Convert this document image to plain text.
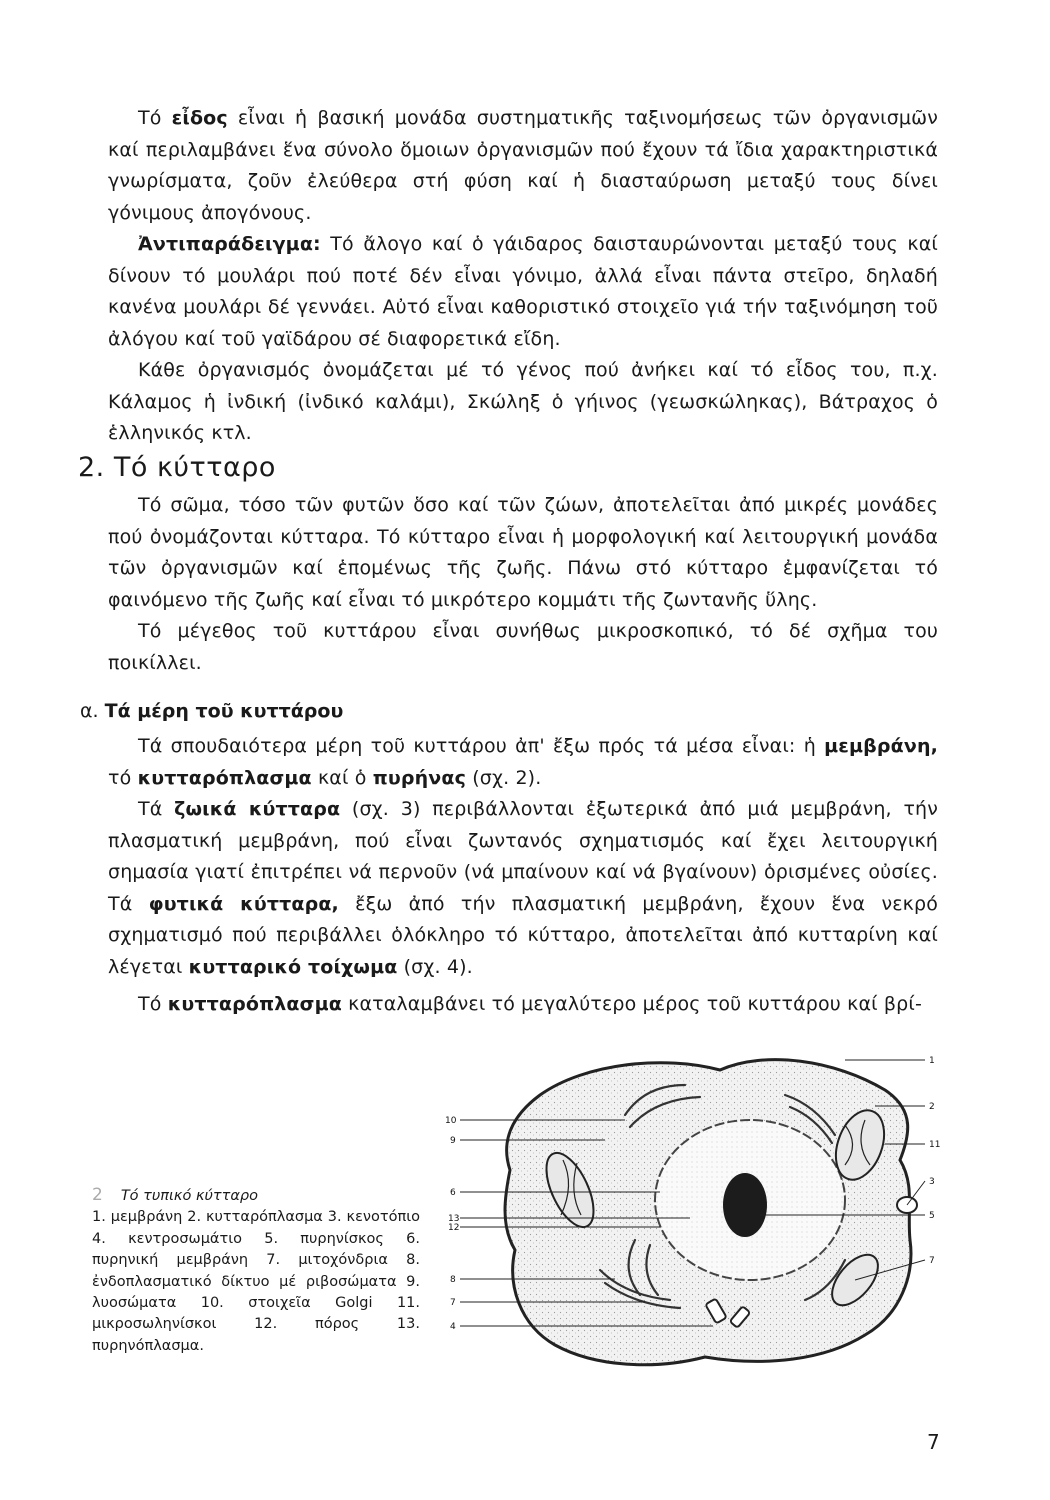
Τό εἶδος εἶναι ἡ βασική μονάδα συστηματικῆς ταξινομήσεως τῶν ὀργανισμῶν καί περιλαμβάνει ἕνα σύνολο ὅμοιων ὀργανισμῶν πού ἔχουν τά ἴδια χαρακτηριστικά γνωρίσματα, ζοῦν ἐλεύθερα στή φύση καί ἡ διασταύρωση μεταξύ τους δίνει γόνιμους ἀπογόνους.

Ἀντιπαράδειγμα: Τό ἄλογο καί ὁ γάιδαρος δαισταυρώνονται μεταξύ τους καί δίνουν τό μουλάρι πού ποτέ δέν εἶναι γόνιμο, ἀλλά εἶναι πάντα στεῖρο, δηλαδή κανένα μουλάρι δέ γεννάει. Αὐτό εἶναι καθοριστικό στοιχεῖο γιά τήν ταξινόμηση τοῦ ἀλόγου καί τοῦ γαϊδάρου σέ διαφορετικά εἴδη.

Κάθε ὀργανισμός ὀνομάζεται μέ τό γένος πού ἀνήκει καί τό εἶδος του, π.χ. Κάλαμος ἡ ἰνδική (ἰνδικό καλάμι), Σκώληξ ὁ γήινος (γεωσκώληκας), Βάτραχος ὁ ἑλληνικός κτλ.

2. Τό κύτταρο

Τό σῶμα, τόσο τῶν φυτῶν ὅσο καί τῶν ζώων, ἀποτελεῖται ἀπό μικρές μονάδες πού ὀνομάζονται κύτταρα. Τό κύτταρο εἶναι ἡ μορφολογική καί λειτουργική μονάδα τῶν ὀργανισμῶν καί ἑπομένως τῆς ζωῆς. Πάνω στό κύτταρο ἐμφανίζεται τό φαινόμενο τῆς ζωῆς καί εἶναι τό μικρότερο κομμάτι τῆς ζωντανῆς ὕλης.

Τό μέγεθος τοῦ κυττάρου εἶναι συνήθως μικροσκοπικό, τό δέ σχῆμα του ποικίλλει.

α. Τά μέρη τοῦ κυττάρου

Τά σπουδαιότερα μέρη τοῦ κυττάρου ἀπ' ἔξω πρός τά μέσα εἶναι: ἡ μεμβράνη, τό κυτταρόπλασμα καί ὁ πυρήνας (σχ. 2).

Τά ζωικά κύτταρα (σχ. 3) περιβάλλονται ἐξωτερικά ἀπό μιά μεμβράνη, τήν πλασματική μεμβράνη, πού εἶναι ζωντανός σχηματισμός καί ἔχει λειτουργική σημασία γιατί ἐπιτρέπει νά περνοῦν (νά μπαίνουν καί νά βγαίνουν) ὁρισμένες οὐσίες. Τά φυτικά κύτταρα, ἔξω ἀπό τήν πλασματική μεμβράνη, ἔχουν ἕνα νεκρό σχηματισμό πού περιβάλλει ὁλόκληρο τό κύτταρο, ἀποτελεῖται ἀπό κυτταρίνη καί λέγεται κυτταρικό τοίχωμα (σχ. 4).

Τό κυτταρόπλασμα καταλαμβάνει τό μεγαλύτερο μέρος τοῦ κυττάρου καί βρί-

2 Τό τυπικό κύτταρο
1. μεμβράνη 2. κυτταρόπλασμα 3. κενοτόπιο 4. κεντροσωμάτιο 5. πυρηνίσκος 6. πυρηνική μεμβράνη 7. μιτοχόνδρια 8. ἐνδοπλασματικό δίκτυο μέ ριβοσώματα 9. λυοσώματα 10. στοιχεῖα Golgi 11. μικροσωληνίσκοι 12. πόρος 13. πυρηνόπλασμα.
10
9
6
13
12
8
7
4
1
2
11
3
5
7
7
